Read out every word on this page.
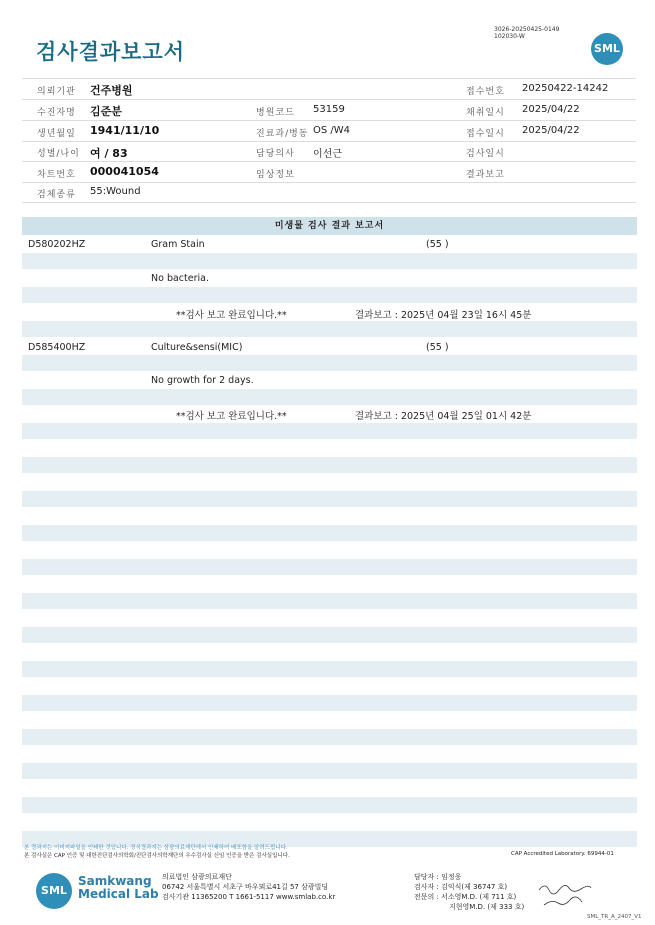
검사결과보고서
3026-20250425-0149
102030-W
SML
의뢰기관 건주병원	접수번호 20250422-14242
수진자명 김준분	병원코드 53159	채취일시 2025/04/22
생년월일 1941/11/10	진료과/병동 OS /W4	접수일시 2025/04/22
성별/나이 여 / 83	담당의사 이선근	검사일시
차트번호 000041054	임상정보	결과보고
검체종류 55:Wound
미생물 검사 결과 보고서
D580202HZ	Gram Stain	(55 )
No bacteria.
**검사 보고 완료입니다.**	결과보고 : 2025년 04월 23일 16시 45분
D585400HZ	Culture&sensi(MIC)	(55 )
No growth for 2 days.
**검사 보고 완료입니다.**	결과보고 : 2025년 04월 25일 01시 42분
본 결과지는 이미지파일을 인쇄한 것입니다. 정식결과지는 삼광의료재단에서 인쇄하여 배포함을 알려드립니다.
본 검사실은 CAP 인증 및 대한진단검사의학회/진단검사의학재단의 우수검사실 신임 인증을 받은 검사실입니다.	CAP Accredited Laboratory. 69944-01
SML
Samkwang
Medical Lab
의료법인 삼광의료재단
06742 서울특별시 서초구 바우뫼로41길 57 삼광빌딩
검사기관 11365200 T 1661-5117 www.smlab.co.kr
담당자 : 임정웅
검사자 : 김익식(제 36747 호)
전문의 : 서소영M.D. (제 711 호)
지현영M.D. (제 333 호)
SML_TR_A_2407_V1
